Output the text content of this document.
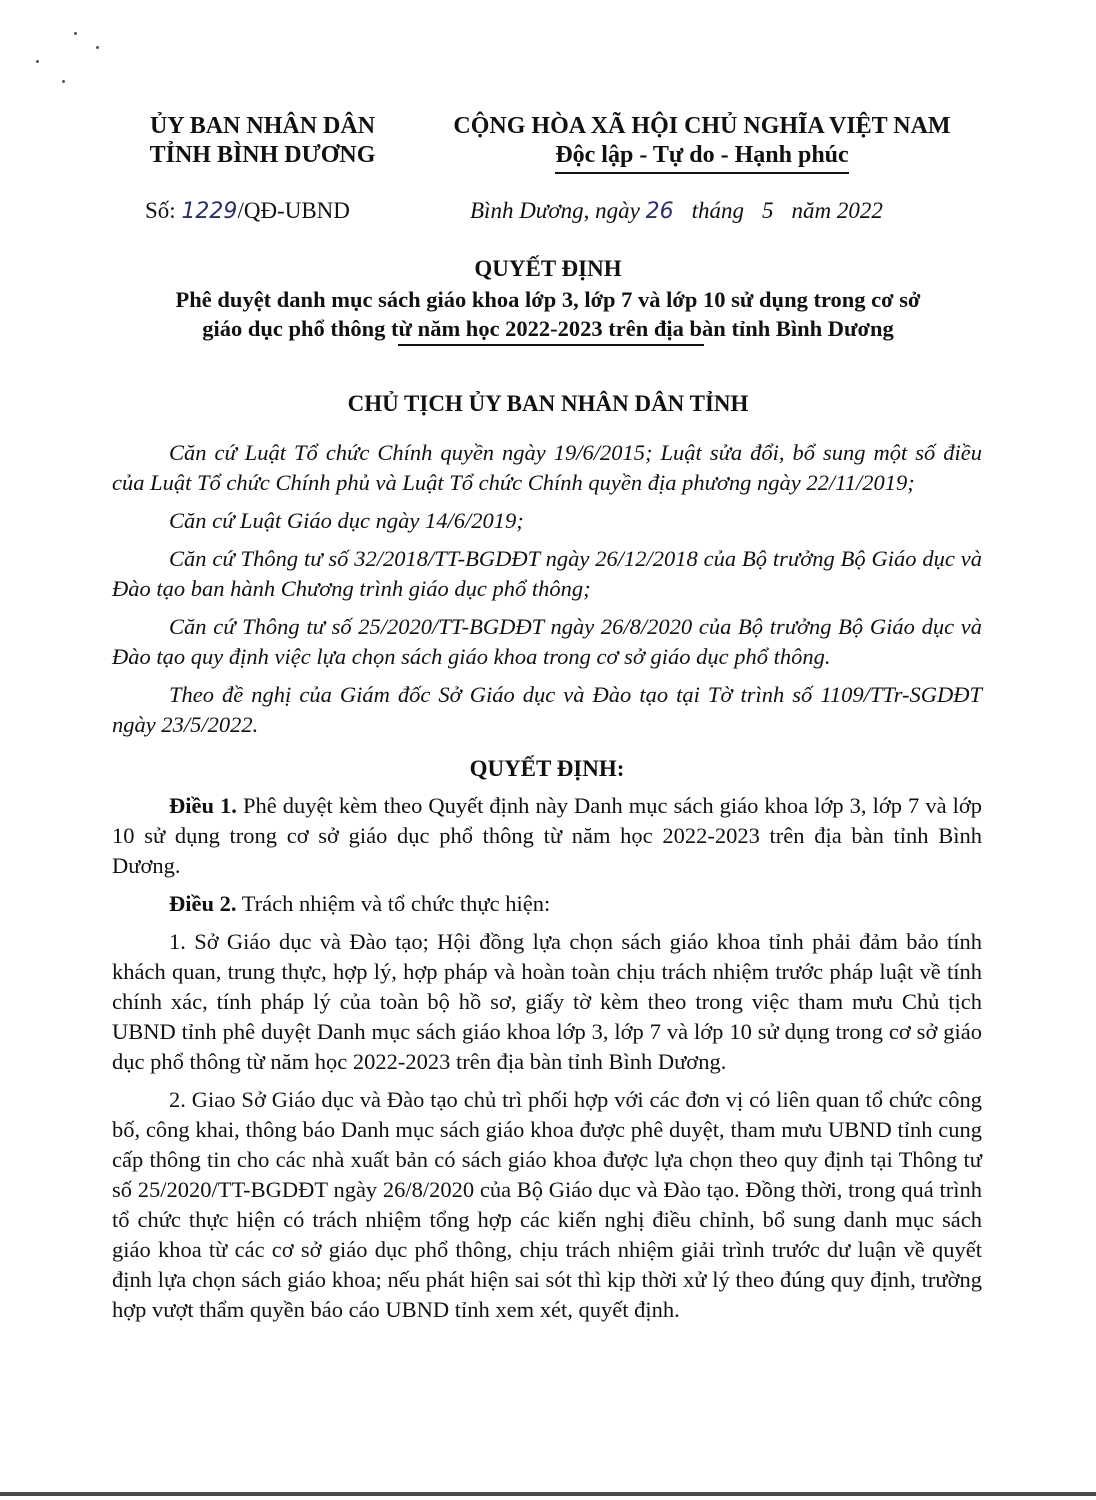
ỦY BAN NHÂN DÂN
TỈNH BÌNH DƯƠNG
CỘNG HÒA XÃ HỘI CHỦ NGHĨA VIỆT NAM
Độc lập - Tự do - Hạnh phúc
Số: 1229/QĐ-UBND	Bình Dương, ngày 26 tháng 5 năm 2022
QUYẾT ĐỊNH
Phê duyệt danh mục sách giáo khoa lớp 3, lớp 7 và lớp 10 sử dụng trong cơ sở
giáo dục phổ thông từ năm học 2022-2023 trên địa bàn tỉnh Bình Dương
CHỦ TỊCH ỦY BAN NHÂN DÂN TỈNH

Căn cứ Luật Tổ chức Chính quyền ngày 19/6/2015; Luật sửa đổi, bổ sung một số điều của Luật Tổ chức Chính phủ và Luật Tổ chức Chính quyền địa phương ngày 22/11/2019;

Căn cứ Luật Giáo dục ngày 14/6/2019;

Căn cứ Thông tư số 32/2018/TT-BGDĐT ngày 26/12/2018 của Bộ trưởng Bộ Giáo dục và Đào tạo ban hành Chương trình giáo dục phổ thông;

Căn cứ Thông tư số 25/2020/TT-BGDĐT ngày 26/8/2020 của Bộ trưởng Bộ Giáo dục và Đào tạo quy định việc lựa chọn sách giáo khoa trong cơ sở giáo dục phổ thông.

Theo đề nghị của Giám đốc Sở Giáo dục và Đào tạo tại Tờ trình số 1109/TTr-SGDĐT ngày 23/5/2022.

QUYẾT ĐỊNH:

Điều 1. Phê duyệt kèm theo Quyết định này Danh mục sách giáo khoa lớp 3, lớp 7 và lớp 10 sử dụng trong cơ sở giáo dục phổ thông từ năm học 2022-2023 trên địa bàn tỉnh Bình Dương.

Điều 2. Trách nhiệm và tổ chức thực hiện:

1. Sở Giáo dục và Đào tạo; Hội đồng lựa chọn sách giáo khoa tỉnh phải đảm bảo tính khách quan, trung thực, hợp lý, hợp pháp và hoàn toàn chịu trách nhiệm trước pháp luật về tính chính xác, tính pháp lý của toàn bộ hồ sơ, giấy tờ kèm theo trong việc tham mưu Chủ tịch UBND tỉnh phê duyệt Danh mục sách giáo khoa lớp 3, lớp 7 và lớp 10 sử dụng trong cơ sở giáo dục phổ thông từ năm học 2022-2023 trên địa bàn tỉnh Bình Dương.

2. Giao Sở Giáo dục và Đào tạo chủ trì phối hợp với các đơn vị có liên quan tổ chức công bố, công khai, thông báo Danh mục sách giáo khoa được phê duyệt, tham mưu UBND tỉnh cung cấp thông tin cho các nhà xuất bản có sách giáo khoa được lựa chọn theo quy định tại Thông tư số 25/2020/TT-BGDĐT ngày 26/8/2020 của Bộ Giáo dục và Đào tạo. Đồng thời, trong quá trình tổ chức thực hiện có trách nhiệm tổng hợp các kiến nghị điều chỉnh, bổ sung danh mục sách giáo khoa từ các cơ sở giáo dục phổ thông, chịu trách nhiệm giải trình trước dư luận về quyết định lựa chọn sách giáo khoa; nếu phát hiện sai sót thì kịp thời xử lý theo đúng quy định, trường hợp vượt thẩm quyền báo cáo UBND tỉnh xem xét, quyết định.
